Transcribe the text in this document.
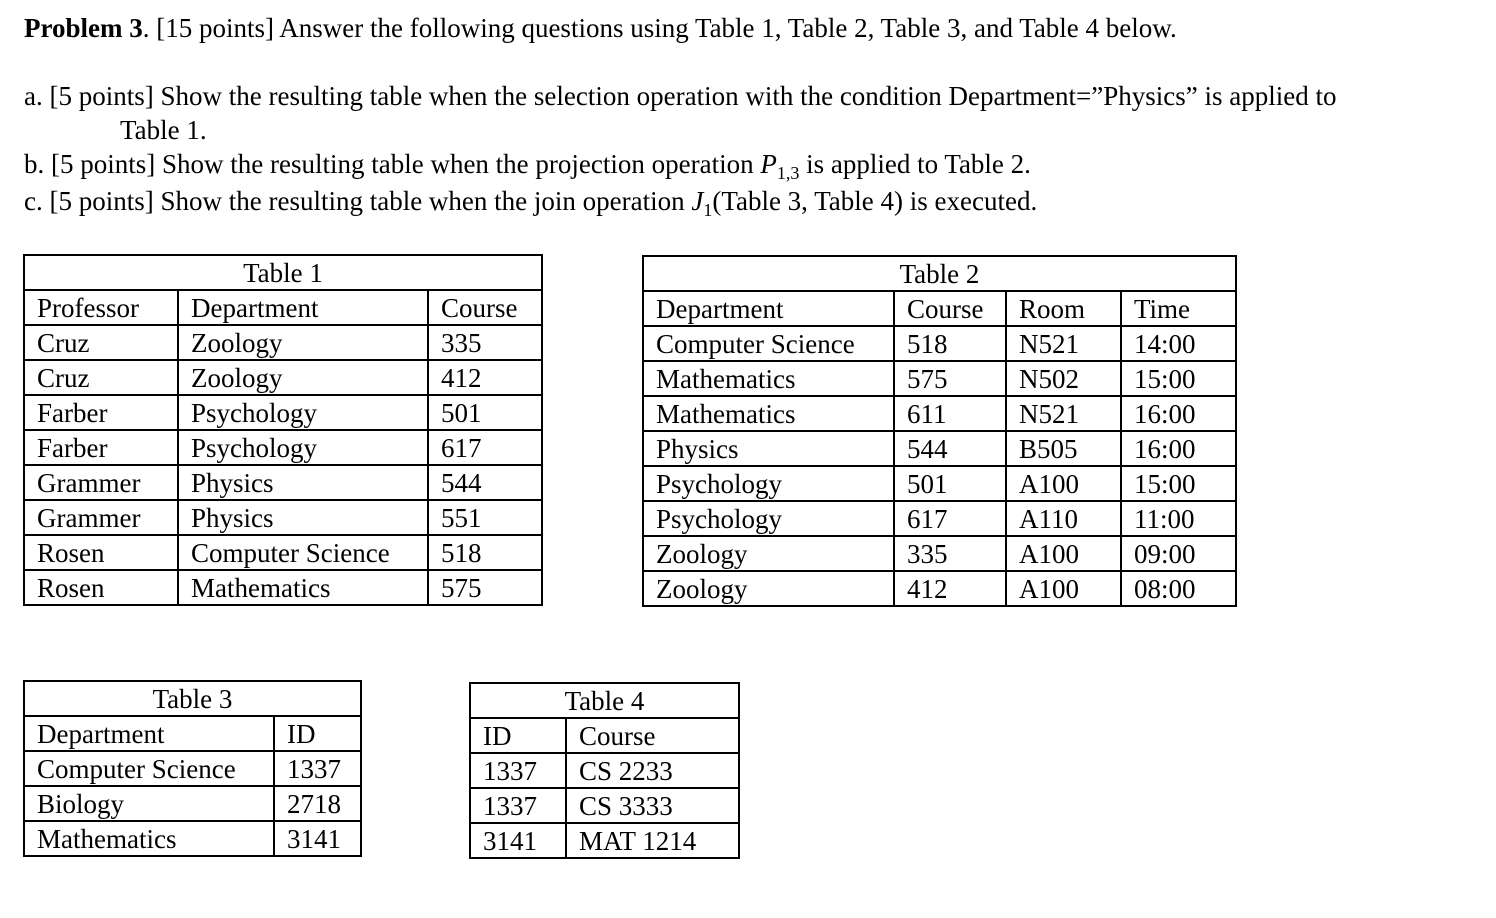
Problem 3. [15 points] Answer the following questions using Table 1, Table 2, Table 3, and Table 4 below.
a. [5 points] Show the resulting table when the selection operation with the condition Department=”Physics” is applied to
Table 1.
b. [5 points] Show the resulting table when the projection operation $P_{1,3}$ is applied to Table 2.
c. [5 points] Show the resulting table when the join operation $J_1(Table$ 3, Table 4) is executed.
Table 1		
Professor	Department	Course
Cruz	Zoology	335
Cruz	Zoology	412
Farber	Psychology	501
Farber	Psychology	617
Grammer	Physics	544
Grammer	Physics	551
Rosen	Computer Science	518
Rosen	Mathematics	575
Table 2			
Department	Course	Room	Time
Computer Science	518	N521	14:00
Mathematics	575	N502	15:00
Mathematics	611	N521	16:00
Physics	544	B505	16:00
Psychology	501	A100	15:00
Psychology	617	A110	11:00
Zoology	335	A100	09:00
Zoology	412	A100	08:00
Table 3	
Department	ID
Computer Science	1337
Biology	2718
Mathematics	3141
Table 4	
ID	Course
1337	CS 2233
1337	CS 3333
3141	MAT 1214
